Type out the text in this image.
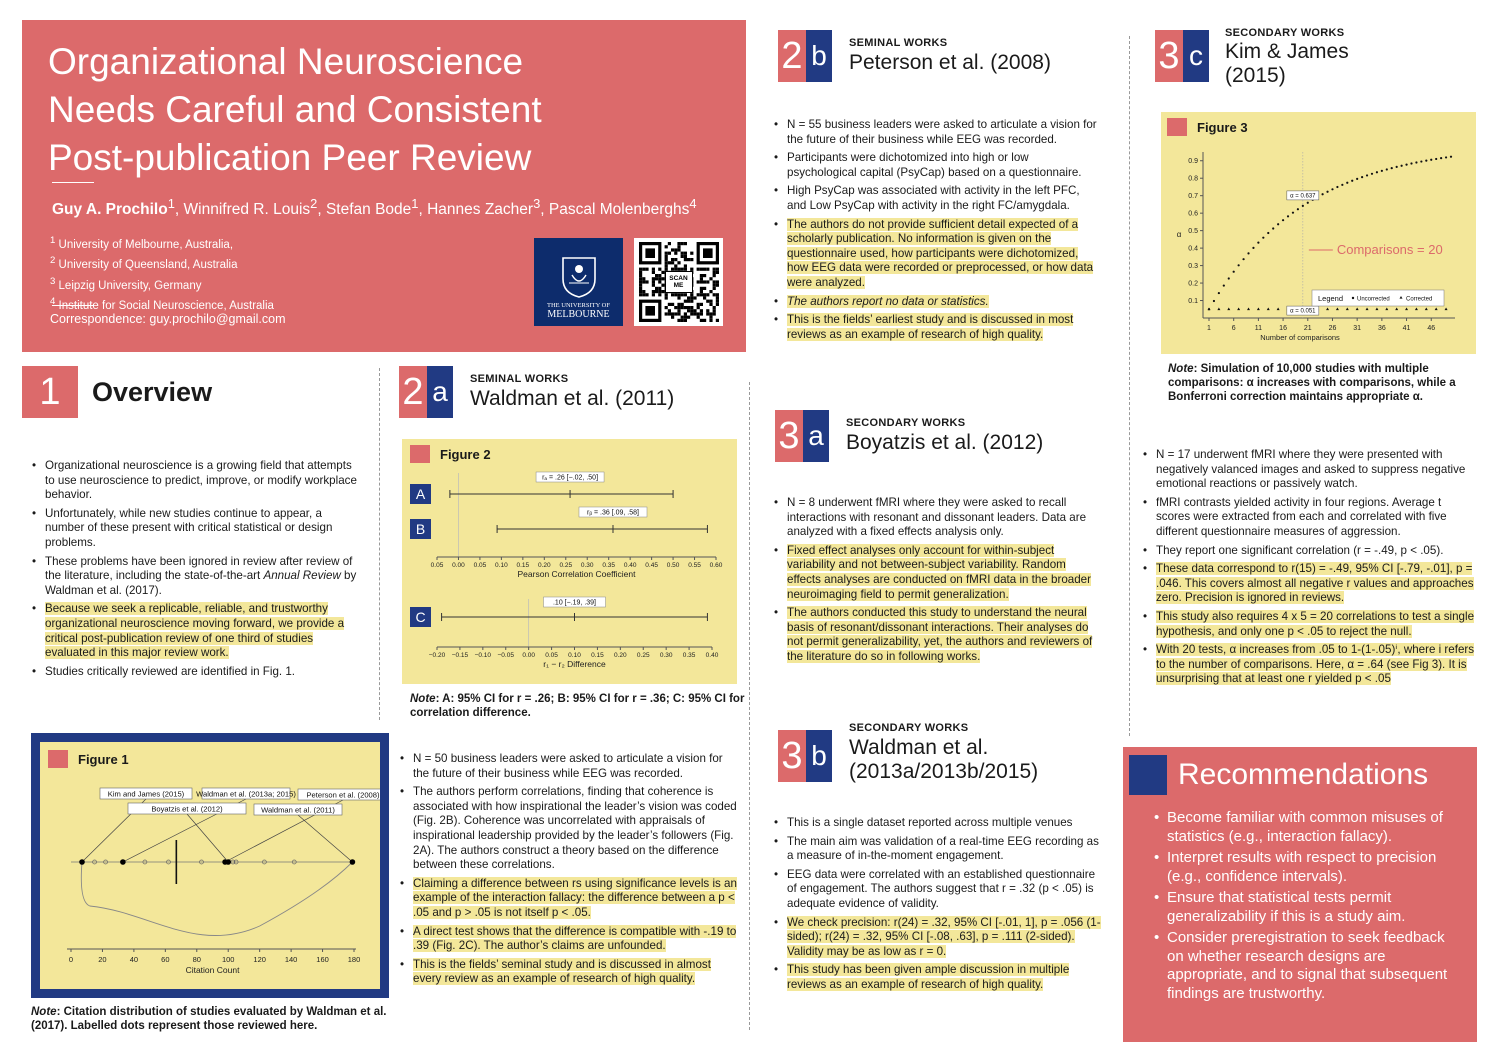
Organizational Neuroscience
Needs Careful and Consistent
Post-publication Peer Review
Guy A. Prochilo$^1$, Winnifred R. Louis$^2$, Stefan Bode$^1$, Hannes Zacher$^3$, Pascal Molenberghs$^4$
$^1$ University of Melbourne, Australia,
$^2$ University of Queensland, Australia
$^3$ Leipzig University, Germany
$^4$ Institute for Social Neuroscience, Australia
Correspondence: guy.prochilo@gmail.com
THE UNIVERSITY OF
MELBOURNE
SCAN
ME
1	Overview
• Organizational neuroscience is a growing field that attempts to use neuroscience to predict, improve, or modify workplace behavior.
• Unfortunately, while new studies continue to appear, a number of these present with critical statistical or design problems.
• These problems have been ignored in review after review of the literature, including the state-of-the-art Annual Review by Waldman et al. (2017).
• Because we seek a replicable, reliable, and trustworthy organizational neuroscience moving forward, we provide a critical post-publication review of one third of studies evaluated in this major review work.
• Studies critically reviewed are identified in Fig. 1.
Figure 1
0	20	40	60	80	100	120	140	160	180
Citation Count
Kim and James (2015) Waldman et al. (2013a; 2015) Peterson et al. (2008)
Boyatzis et al. (2012)	Waldman et al. (2011)
Note: Citation distribution of studies evaluated by Waldman et al. (2017). Labelled dots represent those reviewed here.
2 a	SEMINAL WORKS
Waldman et al. (2011)
Figure 2
A
rₐ = .26 [−.02, .50]
B
rᵦ = .36 [.09, .58]
0.05 0.00 0.05 0.10 0.15 0.20 0.25 0.30 0.35 0.40 0.45 0.50 0.55 0.60
Pearson Correlation Coefficient
C
.10 [−.19, .39]
−0.20 −0.15 −0.10 −0.05 0.00 0.05 0.10 0.15 0.20 0.25 0.30 0.35 0.40
r₁ − r₂ Difference
Note: A: 95% CI for r = .26; B: 95% CI for r = .36; C: 95% CI for correlation difference.
• N = 50 business leaders were asked to articulate a vision for the future of their business while EEG was recorded.
• The authors perform correlations, finding that coherence is associated with how inspirational the leader’s vision was coded (Fig. 2B). Coherence was uncorrelated with appraisals of inspirational leadership provided by the leader’s followers (Fig. 2A). The authors construct a theory based on the difference between these correlations.
• Claiming a difference between rs using significance levels is an example of the interaction fallacy: the difference between a p < .05 and p > .05 is not itself p < .05.
• A direct test shows that the difference is compatible with -.19 to .39 (Fig. 2C). The author’s claims are unfounded.
• This is the fields’ seminal study and is discussed in almost every review as an example of research of high quality.
2 b	SEMINAL WORKS
Peterson et al. (2008)
• N = 55 business leaders were asked to articulate a vision for the future of their business while EEG was recorded.
• Participants were dichotomized into high or low psychological capital (PsyCap) based on a questionnaire.
• High PsyCap was associated with activity in the left PFC, and Low PsyCap with activity in the right FC/amygdala.
• The authors do not provide sufficient detail expected of a scholarly publication. No information is given on the questionnaire used, how participants were dichotomized, how EEG data were recorded or preprocessed, or how data were analyzed.
• The authors report no data or statistics.
• This is the fields’ earliest study and is discussed in most reviews as an example of research of high quality.
3 a	SECONDARY WORKS
Boyatzis et al. (2012)
• N = 8 underwent fMRI where they were asked to recall interactions with resonant and dissonant leaders. Data are analyzed with a fixed effects analysis only.
• Fixed effect analyses only account for within-subject variability and not between-subject variability. Random effects analyses are conducted on fMRI data in the broader neuroimaging field to permit generalization.
• The authors conducted this study to understand the neural basis of resonant/dissonant interactions. Their analyses do not permit generalizability, yet, the authors and reviewers of the literature do so in following works.
3 b
SECONDARY WORKS
Waldman et al.
(2013a/2013b/2015)
• This is a single dataset reported across multiple venues
• The main aim was validation of a real-time EEG recording as a measure of in-the-moment engagement.
• EEG data were correlated with an established questionnaire of engagement. The authors suggest that r = .32 (p < .05) is adequate evidence of validity.
• We check precision: r(24) = .32, 95% CI [-.01, 1], p = .056 (1-sided); r(24) = .32, 95% CI [-.08, .63], p = .111 (2-sided). Validity may be as low as r = 0.
• This study has been given ample discussion in multiple reviews as an example of research of high quality.
3 c
SECONDARY WORKS
Kim & James
(2015)
Figure 3
0.9
0.8
0.7
0.6
0.5
0.4
0.3
0.2
0.1
α
1	6	11 16 21 26 31 36 41 46
Number of comparisons
α = 0.637
α = 0.051
Comparisons = 20
Legend Uncorrected	Corrected
Note: Simulation of 10,000 studies with multiple comparisons: α increases with comparisons, while a Bonferroni correction maintains appropriate α.
• N = 17 underwent fMRI where they were presented with negatively valanced images and asked to suppress negative emotional reactions or passively watch.
• fMRI contrasts yielded activity in four regions. Average t scores were extracted from each and correlated with five different questionnaire measures of aggression.
• They report one significant correlation (r = -.49, p < .05).
• These data correspond to r(15) = -.49, 95% CI [-.79, -.01], p = .046. This covers almost all negative r values and approaches zero. Precision is ignored in reviews.
• This study also requires 4 x 5 = 20 correlations to test a single hypothesis, and only one p < .05 to reject the null.
• With 20 tests, α increases from .05 to 1-(1-.05)ⁱ, where i refers to the number of comparisons. Here, α = .64 (see Fig 3). It is unsurprising that at least one r yielded p < .05
Recommendations
• Become familiar with common misuses of statistics (e.g., interaction fallacy).
• Interpret results with respect to precision (e.g., confidence intervals).
• Ensure that statistical tests permit generalizability if this is a study aim.
• Consider preregistration to seek feedback on whether research designs are appropriate, and to signal that subsequent findings are trustworthy.
